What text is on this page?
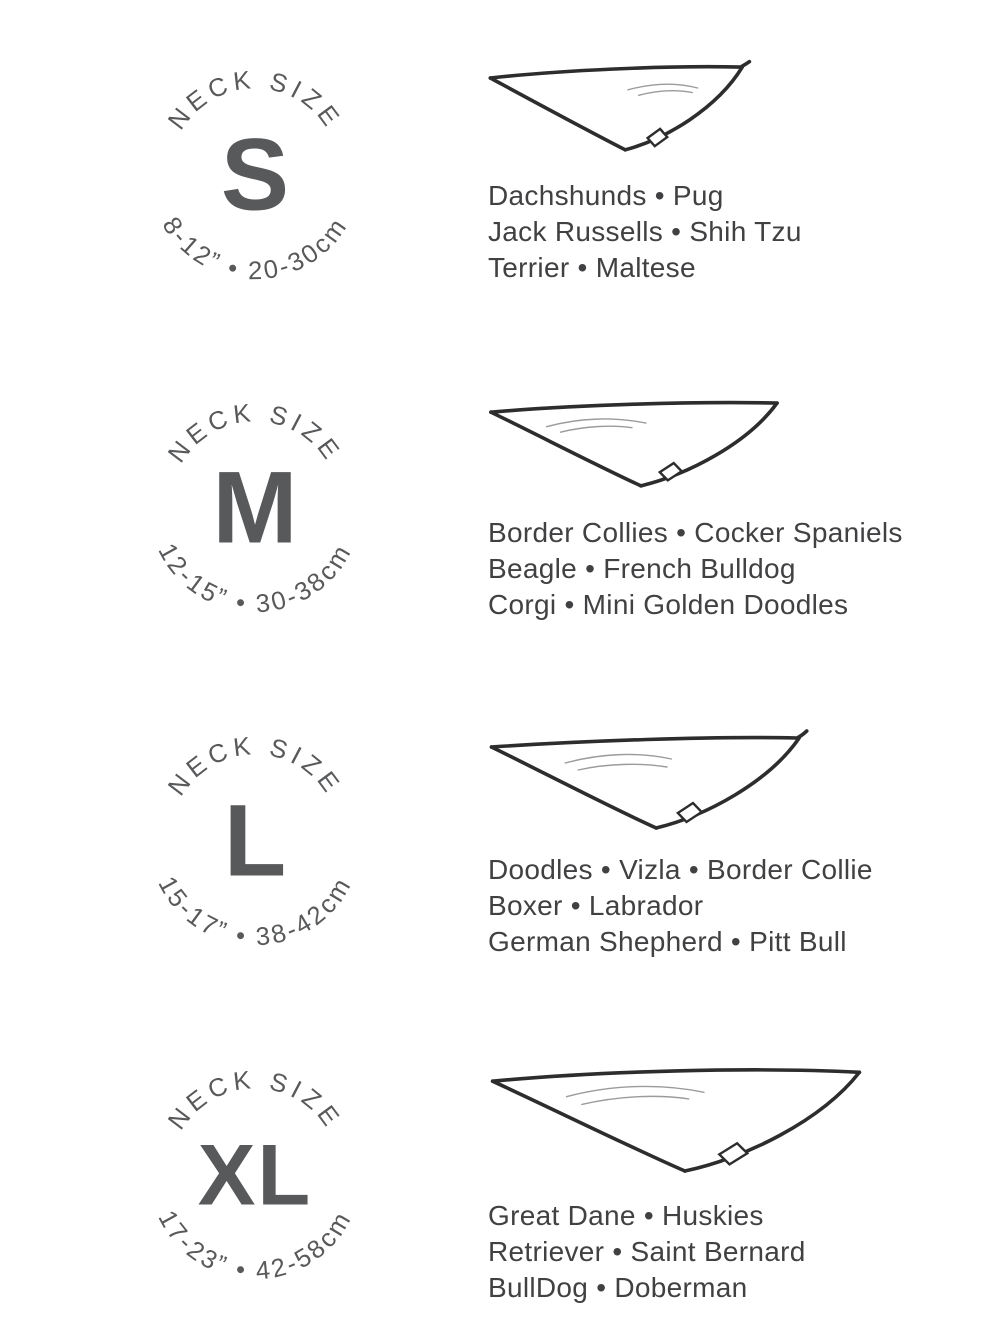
NECK SIZE
S
8-12” • 20-30cm

Dachshunds • Pug

Jack Russells • Shih Tzu

Terrier • Maltese

NECK SIZE
M
12-15” • 30-38cm

Border Collies • Cocker Spaniels

Beagle • French Bulldog

Corgi • Mini Golden Doodles

NECK SIZE
L
15-17” • 38-42cm

Doodles • Vizla • Border Collie

Boxer • Labrador

German Shepherd • Pitt Bull

NECK SIZE
XL
17-23” • 42-58cm	Great Dane • Huskies

Retriever • Saint Bernard

BullDog • Doberman
